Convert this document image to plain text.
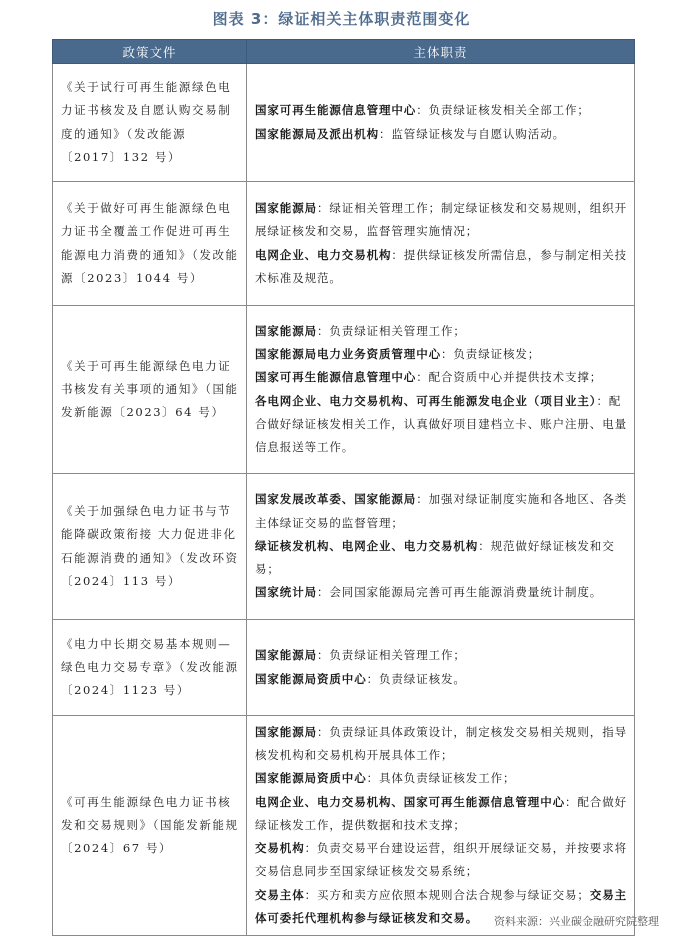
图表 3：绿证相关主体职责范围变化
政策文件	主体职责
《关于试行可再生能源绿色电力证书核发及自愿认购交易制度的通知》（发改能源〔2017〕132 号）	国家可再生能源信息管理中心：负责绿证核发相关全部工作；
国家能源局及派出机构：监管绿证核发与自愿认购活动。

《关于做好可再生能源绿色电力证书全覆盖工作促进可再生能源电力消费的通知》（发改能源〔2023〕1044 号）	国家能源局：绿证相关管理工作；制定绿证核发和交易规则，组织开展绿证核发和交易，监督管理实施情况；
电网企业、电力交易机构：提供绿证核发所需信息，参与制定相关技术标准及规范。

《关于可再生能源绿色电力证书核发有关事项的通知》（国能发新能源〔2023〕64 号）	国家能源局：负责绿证相关管理工作；
国家能源局电力业务资质管理中心：负责绿证核发；
国家可再生能源信息管理中心：配合资质中心并提供技术支撑；
各电网企业、电力交易机构、可再生能源发电企业（项目业主）：配合做好绿证核发相关工作，认真做好项目建档立卡、账户注册、电量信息报送等工作。

《关于加强绿色电力证书与节能降碳政策衔接 大力促进非化石能源消费的通知》（发改环资〔2024〕113 号）	国家发展改革委、国家能源局：加强对绿证制度实施和各地区、各类主体绿证交易的监督管理；
绿证核发机构、电网企业、电力交易机构：规范做好绿证核发和交易；
国家统计局：会同国家能源局完善可再生能源消费量统计制度。

《电力中长期交易基本规则—绿色电力交易专章》（发改能源〔2024〕1123 号）	国家能源局：负责绿证相关管理工作；
国家能源局资质中心：负责绿证核发。

《可再生能源绿色电力证书核发和交易规则》（国能发新能规〔2024〕67 号）	国家能源局：负责绿证具体政策设计，制定核发交易相关规则，指导核发机构和交易机构开展具体工作；
国家能源局资质中心：具体负责绿证核发工作；
电网企业、电力交易机构、国家可再生能源信息管理中心：配合做好绿证核发工作，提供数据和技术支撑；
交易机构：负责交易平台建设运营，组织开展绿证交易，并按要求将交易信息同步至国家绿证核发交易系统；
交易主体：买方和卖方应依照本规则合法合规参与绿证交易；交易主体可委托代理机构参与绿证核发和交易。	资料来源：兴业碳金融研究院整理
